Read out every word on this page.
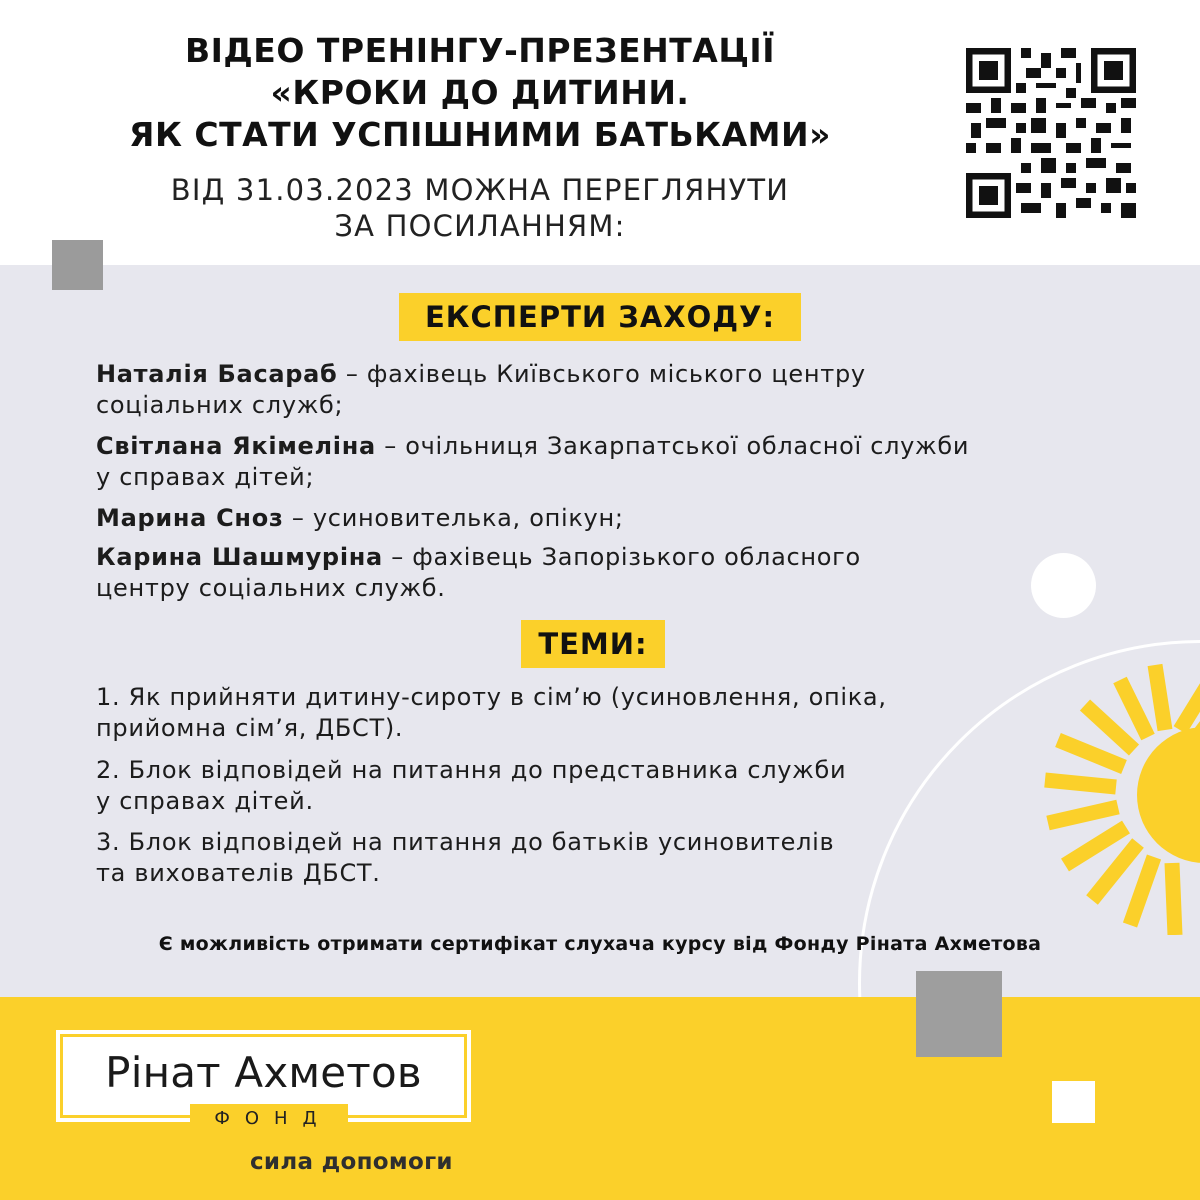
ВІДЕО ТРЕНІНГУ-ПРЕЗЕНТАЦІЇ
«КРОКИ ДО ДИТИНИ.
ЯК СТАТИ УСПІШНИМИ БАТЬКАМИ»
ВІД 31.03.2023 МОЖНА ПЕРЕГЛЯНУТИ
ЗА ПОСИЛАННЯМ:
ЕКСПЕРТИ ЗАХОДУ:
Наталія Басараб – фахівець Київського міського центру
соціальних служб;
Світлана Якімеліна – очільниця Закарпатської обласної служби
у справах дітей;
Марина Сноз – усиновителька, опікун;
Карина Шашмуріна – фахівець Запорізького обласного
центру соціальних служб.
ТЕМИ:
1. Як прийняти дитину-сироту в сім’ю (усиновлення, опіка,
прийомна сім’я, ДБСТ).
2. Блок відповідей на питання до представника служби
у справах дітей.
3. Блок відповідей на питання до батьків усиновителів
та вихователів ДБСТ.
Є можливість отримати сертифікат слухача курсу від Фонду Ріната Ахметова
Рінат Ахметов
ФОНД
сила допомоги
